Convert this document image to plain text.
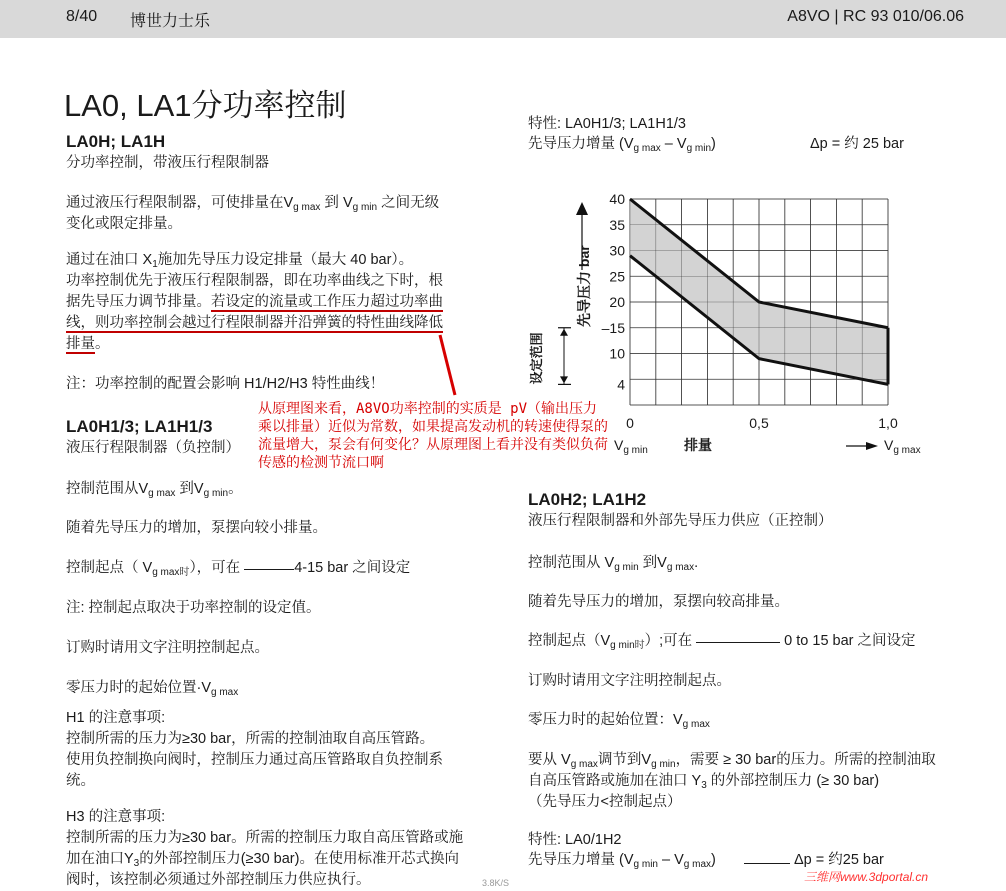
8/40 博世力士乐	A8VO | RC 93 010/06.06
LA0, LA1分功率控制
LA0H; LA1H
分功率控制，带液压行程限制器
通过液压行程限制器，可使排量在$V_{g max}$ 到 $V_{g min}$ 之间无级
变化或限定排量。
通过在油口 $X_1$施加先导压力设定排量（最大 40 bar）。
功率控制优先于液压行程限制器，即在功率曲线之下时，根
据先导压力调节排量。若设定的流量或工作压力超过功率曲
线，则功率控制会越过行程限制器并沿弹簧的特性曲线降低
排量。
注：功率控制的配置会影响 H1/H2/H3 特性曲线！
LA0H1/3; LA1H1/3
液压行程限制器（负控制）
控制范围从$V_{g max}$ 到$V_{g min}$。
随着先导压力的增加，泵摆向较小排量。
控制起点（ $V_{g max时}$），可在	4-15 bar 之间设定
注: 控制起点取决于功率控制的设定值。
订购时请用文字注明控制起点。
零压力时的起始位置$\cdot V_{g max}$
H1 的注意事项:
控制所需的压力为≥30 bar，所需的控制油取自高压管路。
使用负控制换向阀时，控制压力通过高压管路取自负控制系
统。
H3 的注意事项:
控制所需的压力为≥30 bar。所需的控制压力取自高压管路或施
加在油口$Y_3$的外部控制压力(≥30 bar)。在使用标准开芯式换向
阀时，该控制必须通过外部控制压力供应执行。
从原理图来看，A8VO功率控制的实质是 pV（输出压力乘以排量）近似为常数，如果提高发动机的转速使得泵的流量增大，泵会有何变化？从原理图上看并没有类似负荷传感的检测节流口啊
特性: LA0H1/3; LA1H1/3
先导压力增量 $(V_{g max} - V_{g min})$	Δp = 约 25 bar
40
35
30
25
20
–15
10
4
0	0,5	1,0
先导压力 bar
设定范围
$V_{g min}$	排量	$V_{g max}$
LA0H2; LA1H2
液压行程限制器和外部先导压力供应（正控制）
控制范围从 $V_{g min}$ 到$V_{g max}$.
随着先导压力的增加，泵摆向较高排量。
控制起点$(V_{g min时})$;可在	0 to 15 bar 之间设定
订购时请用文字注明控制起点。
零压力时的起始位置：$V_{g max}$
要从 $V_{g max}$调节到$V_{g min}$，需要 ≥ 30 bar的压力。所需的控制油取
自高压管路或施加在油口 $Y_3$ 的外部控制压力 (≥ 30 bar)
（先导压力<控制起点）
特性: LA0/1H2
先导压力增量 $(V_{g min} - V_{g max})$	Δp = 约25 bar
3.8K/S	三维网www.3dportal.cn
